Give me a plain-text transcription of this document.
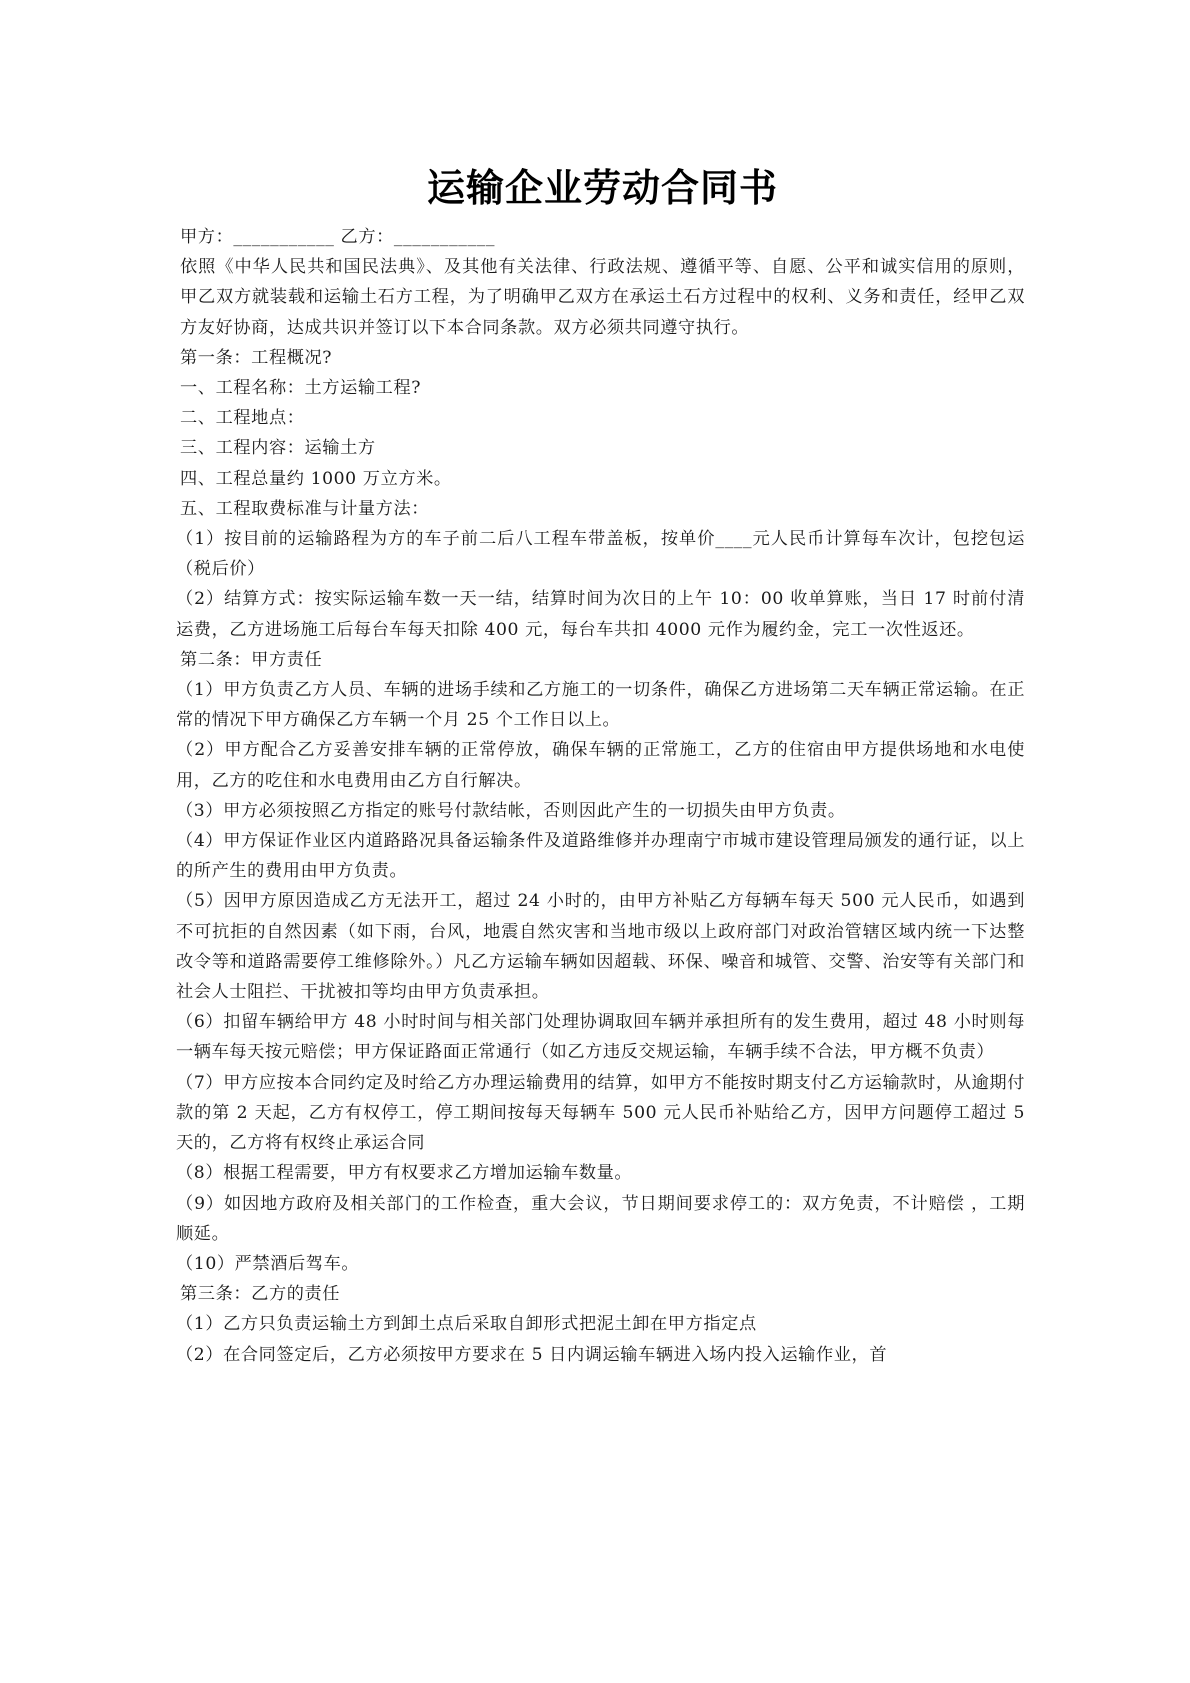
运输企业劳动合同书

甲方：___________ 乙方：___________

依照《中华人民共和国民法典》、及其他有关法律、行政法规、遵循平等、自愿、公平和诚实信用的原则，甲乙双方就装载和运输土石方工程，为了明确甲乙双方在承运土石方过程中的权利、义务和责任，经甲乙双方友好协商，达成共识并签订以下本合同条款。双方必须共同遵守执行。

第一条：工程概况?

一、工程名称：土方运输工程?

二、工程地点：

三、工程内容：运输土方

四、工程总量约 1000 万立方米。

五、工程取费标准与计量方法：

（1）按目前的运输路程为方的车子前二后八工程车带盖板，按单价____元人民币计算每车次计，包挖包运（税后价）

（2）结算方式：按实际运输车数一天一结，结算时间为次日的上午 10：00 收单算账，当日 17 时前付清运费，乙方进场施工后每台车每天扣除 400 元，每台车共扣 4000 元作为履约金，完工一次性返还。

第二条：甲方责任

（1）甲方负责乙方人员、车辆的进场手续和乙方施工的一切条件，确保乙方进场第二天车辆正常运输。在正常的情况下甲方确保乙方车辆一个月 25 个工作日以上。

（2）甲方配合乙方妥善安排车辆的正常停放，确保车辆的正常施工，乙方的住宿由甲方提供场地和水电使用，乙方的吃住和水电费用由乙方自行解决。

（3）甲方必须按照乙方指定的账号付款结帐，否则因此产生的一切损失由甲方负责。

（4）甲方保证作业区内道路路况具备运输条件及道路维修并办理南宁市城市建设管理局颁发的通行证，以上的所产生的费用由甲方负责。

（5）因甲方原因造成乙方无法开工，超过 24 小时的，由甲方补贴乙方每辆车每天 500 元人民币，如遇到不可抗拒的自然因素（如下雨，台风，地震自然灾害和当地市级以上政府部门对政治管辖区域内统一下达整改令等和道路需要停工维修除外。）凡乙方运输车辆如因超载、环保、噪音和城管、交警、治安等有关部门和社会人士阻拦、干扰被扣等均由甲方负责承担。

（6）扣留车辆给甲方 48 小时时间与相关部门处理协调取回车辆并承担所有的发生费用，超过 48 小时则每一辆车每天按元赔偿；甲方保证路面正常通行（如乙方违反交规运输，车辆手续不合法，甲方概不负责）

（7）甲方应按本合同约定及时给乙方办理运输费用的结算，如甲方不能按时期支付乙方运输款时，从逾期付款的第 2 天起，乙方有权停工，停工期间按每天每辆车 500 元人民币补贴给乙方，因甲方问题停工超过 5 天的，乙方将有权终止承运合同

（8）根据工程需要，甲方有权要求乙方增加运输车数量。

（9）如因地方政府及相关部门的工作检查，重大会议，节日期间要求停工的：双方免责，不计赔偿 ，工期顺延。

（10）严禁酒后驾车。

第三条：乙方的责任

（1）乙方只负责运输土方到卸土点后采取自卸形式把泥土卸在甲方指定点

（2）在合同签定后，乙方必须按甲方要求在 5 日内调运输车辆进入场内投入运输作业，首
